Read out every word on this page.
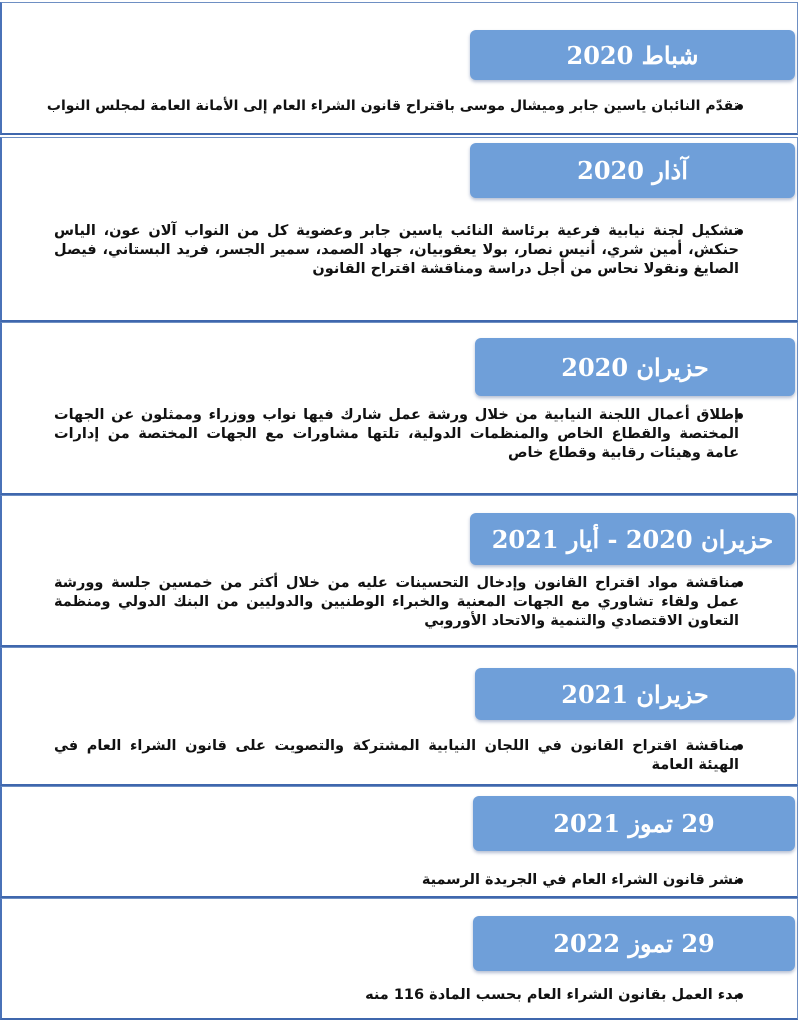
شباط 2020

تقدّم النائبان ياسين جابر وميشال موسى باقتراح قانون الشراء العام إلى الأمانة العامة لمجلس النواب

آذار 2020

تشكيل لجنة نيابية فرعية برئاسة النائب ياسين جابر وعضوية كل من النواب آلان عون، الياس حنكش، أمين شري، أنيس نصار، بولا يعقوبيان، جهاد الصمد، سمير الجسر، فريد البستاني، فيصل الصايغ ونقولا نحاس من أجل دراسة ومناقشة اقتراح القانون

حزيران 2020

إطلاق أعمال اللجنة النيابية من خلال ورشة عمل شارك فيها نواب ووزراء وممثلون عن الجهات المختصة والقطاع الخاص والمنظمات الدولية، تلتها مشاورات مع الجهات المختصة من إدارات عامة وهيئات رقابية وقطاع خاص

حزيران 2020 - أيار 2021

مناقشة مواد اقتراح القانون وإدخال التحسينات عليه من خلال أكثر من خمسين جلسة وورشة عمل ولقاء تشاوري مع الجهات المعنية والخبراء الوطنيين والدوليين من البنك الدولي ومنظمة التعاون الاقتصادي والتنمية والاتحاد الأوروبي

حزيران 2021

مناقشة اقتراح القانون في اللجان النيابية المشتركة والتصويت على قانون الشراء العام في الهيئة العامة

29 تموز 2021

نشر قانون الشراء العام في الجريدة الرسمية

29 تموز 2022

بدء العمل بقانون الشراء العام بحسب المادة 116 منه
